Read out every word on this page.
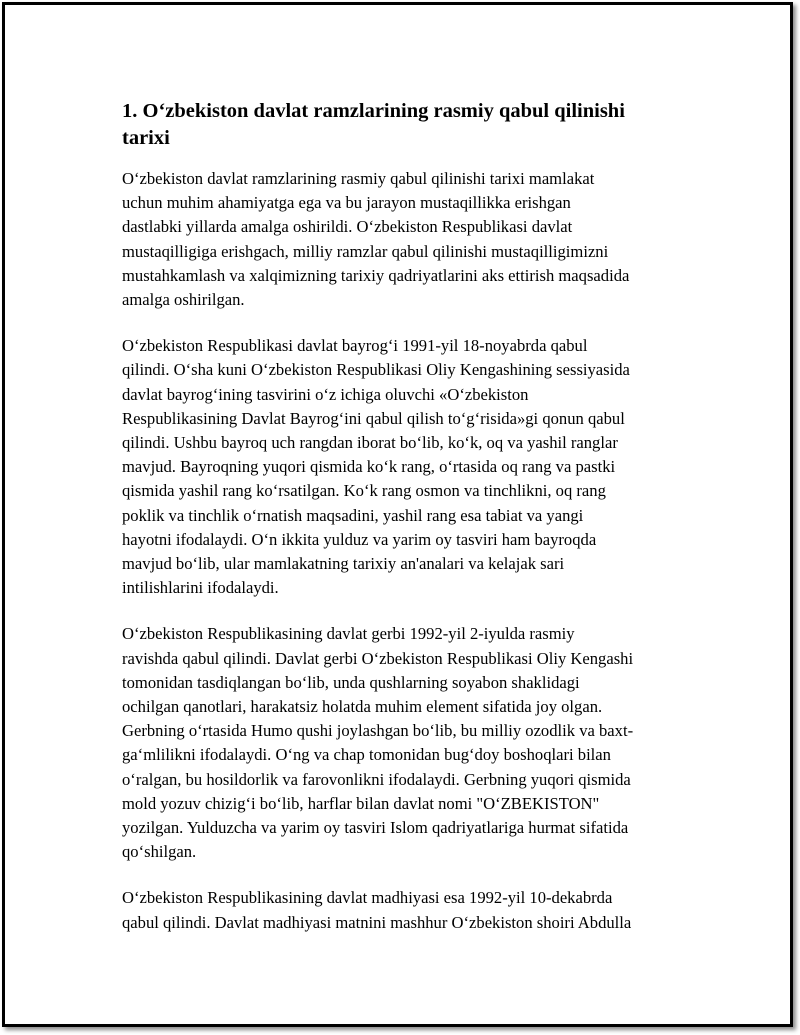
1. O‘zbekiston davlat ramzlarining rasmiy qabul qilinishi
tarixi

O‘zbekiston davlat ramzlarining rasmiy qabul qilinishi tarixi mamlakat
uchun muhim ahamiyatga ega va bu jarayon mustaqillikka erishgan
dastlabki yillarda amalga oshirildi. O‘zbekiston Respublikasi davlat
mustaqilligiga erishgach, milliy ramzlar qabul qilinishi mustaqilligimizni
mustahkamlash va xalqimizning tarixiy qadriyatlarini aks ettirish maqsadida
amalga oshirilgan.

O‘zbekiston Respublikasi davlat bayrog‘i 1991-yil 18-noyabrda qabul
qilindi. O‘sha kuni O‘zbekiston Respublikasi Oliy Kengashining sessiyasida
davlat bayrog‘ining tasvirini o‘z ichiga oluvchi «O‘zbekiston
Respublikasining Davlat Bayrog‘ini qabul qilish to‘g‘risida»gi qonun qabul
qilindi. Ushbu bayroq uch rangdan iborat bo‘lib, ko‘k, oq va yashil ranglar
mavjud. Bayroqning yuqori qismida ko‘k rang, o‘rtasida oq rang va pastki
qismida yashil rang ko‘rsatilgan. Ko‘k rang osmon va tinchlikni, oq rang
poklik va tinchlik o‘rnatish maqsadini, yashil rang esa tabiat va yangi
hayotni ifodalaydi. O‘n ikkita yulduz va yarim oy tasviri ham bayroqda
mavjud bo‘lib, ular mamlakatning tarixiy an'analari va kelajak sari
intilishlarini ifodalaydi.

O‘zbekiston Respublikasining davlat gerbi 1992-yil 2-iyulda rasmiy
ravishda qabul qilindi. Davlat gerbi O‘zbekiston Respublikasi Oliy Kengashi
tomonidan tasdiqlangan bo‘lib, unda qushlarning soyabon shaklidagi
ochilgan qanotlari, harakatsiz holatda muhim element sifatida joy olgan.
Gerbning o‘rtasida Humo qushi joylashgan bo‘lib, bu milliy ozodlik va baxt-
ga‘mlilikni ifodalaydi. O‘ng va chap tomonidan bug‘doy boshoqlari bilan
o‘ralgan, bu hosildorlik va farovonlikni ifodalaydi. Gerbning yuqori qismida
mold yozuv chizig‘i bo‘lib, harflar bilan davlat nomi "O‘ZBEKISTON"
yozilgan. Yulduzcha va yarim oy tasviri Islom qadriyatlariga hurmat sifatida
qo‘shilgan.

O‘zbekiston Respublikasining davlat madhiyasi esa 1992-yil 10-dekabrda
qabul qilindi. Davlat madhiyasi matnini mashhur O‘zbekiston shoiri Abdulla
